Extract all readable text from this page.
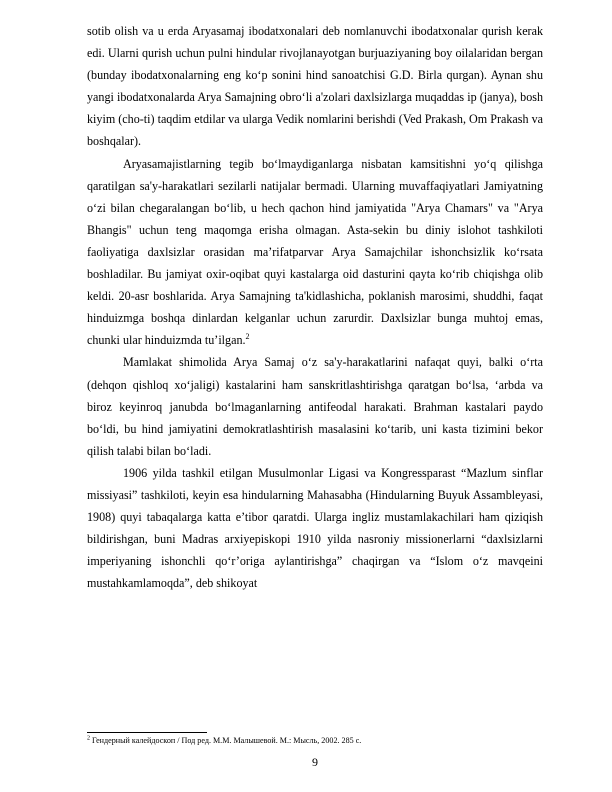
sotib olish va u erda Aryasamaj ibodatxonalari deb nomlanuvchi ibodatxonalar qurish kerak edi. Ularni qurish uchun pulni hindular rivojlanayotgan burjuaziyaning boy oilalaridan bergan (bunday ibodatxonalarning eng ko‘p sonini hind sanoatchisi G.D. Birla qurgan). Aynan shu yangi ibodatxonalarda Arya Samajning obro‘li a'zolari daxlsizlarga muqaddas ip (janya), bosh kiyim (cho-ti) taqdim etdilar va ularga Vedik nomlarini berishdi (Ved Prakash, Om Prakash va boshqalar).

Aryasamajistlarning tegib bo‘lmaydiganlarga nisbatan kamsitishni yo‘q qilishga qaratilgan sa'y-harakatlari sezilarli natijalar bermadi. Ularning muvaffaqiyatlari Jamiyatning o‘zi bilan chegaralangan bo‘lib, u hech qachon hind jamiyatida "Arya Chamars" va "Arya Bhangis" uchun teng maqomga erisha olmagan. Asta-sekin bu diniy islohot tashkiloti faoliyatiga daxlsizlar orasidan ma’rifatparvar Arya Samajchilar ishonchsizlik ko‘rsata boshladilar. Bu jamiyat oxir-oqibat quyi kastalarga oid dasturini qayta ko‘rib chiqishga olib keldi. 20-asr boshlarida. Arya Samajning ta'kidlashicha, poklanish marosimi, shuddhi, faqat hinduizmga boshqa dinlardan kelganlar uchun zarurdir. Daxlsizlar bunga muhtoj emas, chunki ular hinduizmda tu’ilgan.$^2$

Mamlakat shimolida Arya Samaj o‘z sa'y-harakatlarini nafaqat quyi, balki o‘rta (dehqon qishloq xo‘jaligi) kastalarini ham sanskritlashtirishga qaratgan bo‘lsa, ‘arbda va biroz keyinroq janubda bo‘lmaganlarning antifeodal harakati. Brahman kastalari paydo bo‘ldi, bu hind jamiyatini demokratlashtirish masalasini ko‘tarib, uni kasta tizimini bekor qilish talabi bilan bo‘ladi.

1906 yilda tashkil etilgan Musulmonlar Ligasi va Kongressparast “Mazlum sinflar missiyasi” tashkiloti, keyin esa hindularning Mahasabha (Hindularning Buyuk Assambleyasi, 1908) quyi tabaqalarga katta e’tibor qaratdi. Ularga ingliz mustamlakachilari ham qiziqish bildirishgan, buni Madras arxiyepiskopi 1910 yilda nasroniy missionerlarni “daxlsizlarni imperiyaning ishonchli qo‘r’origa aylantirishga” chaqirgan va “Islom o‘z mavqeini mustahkamlamoqda”, deb shikoyat

$^2$ Гендерный калейдоскоп / Под ред. М.М. Малышевой. М.: Мысль, 2002. 285 с.
9
